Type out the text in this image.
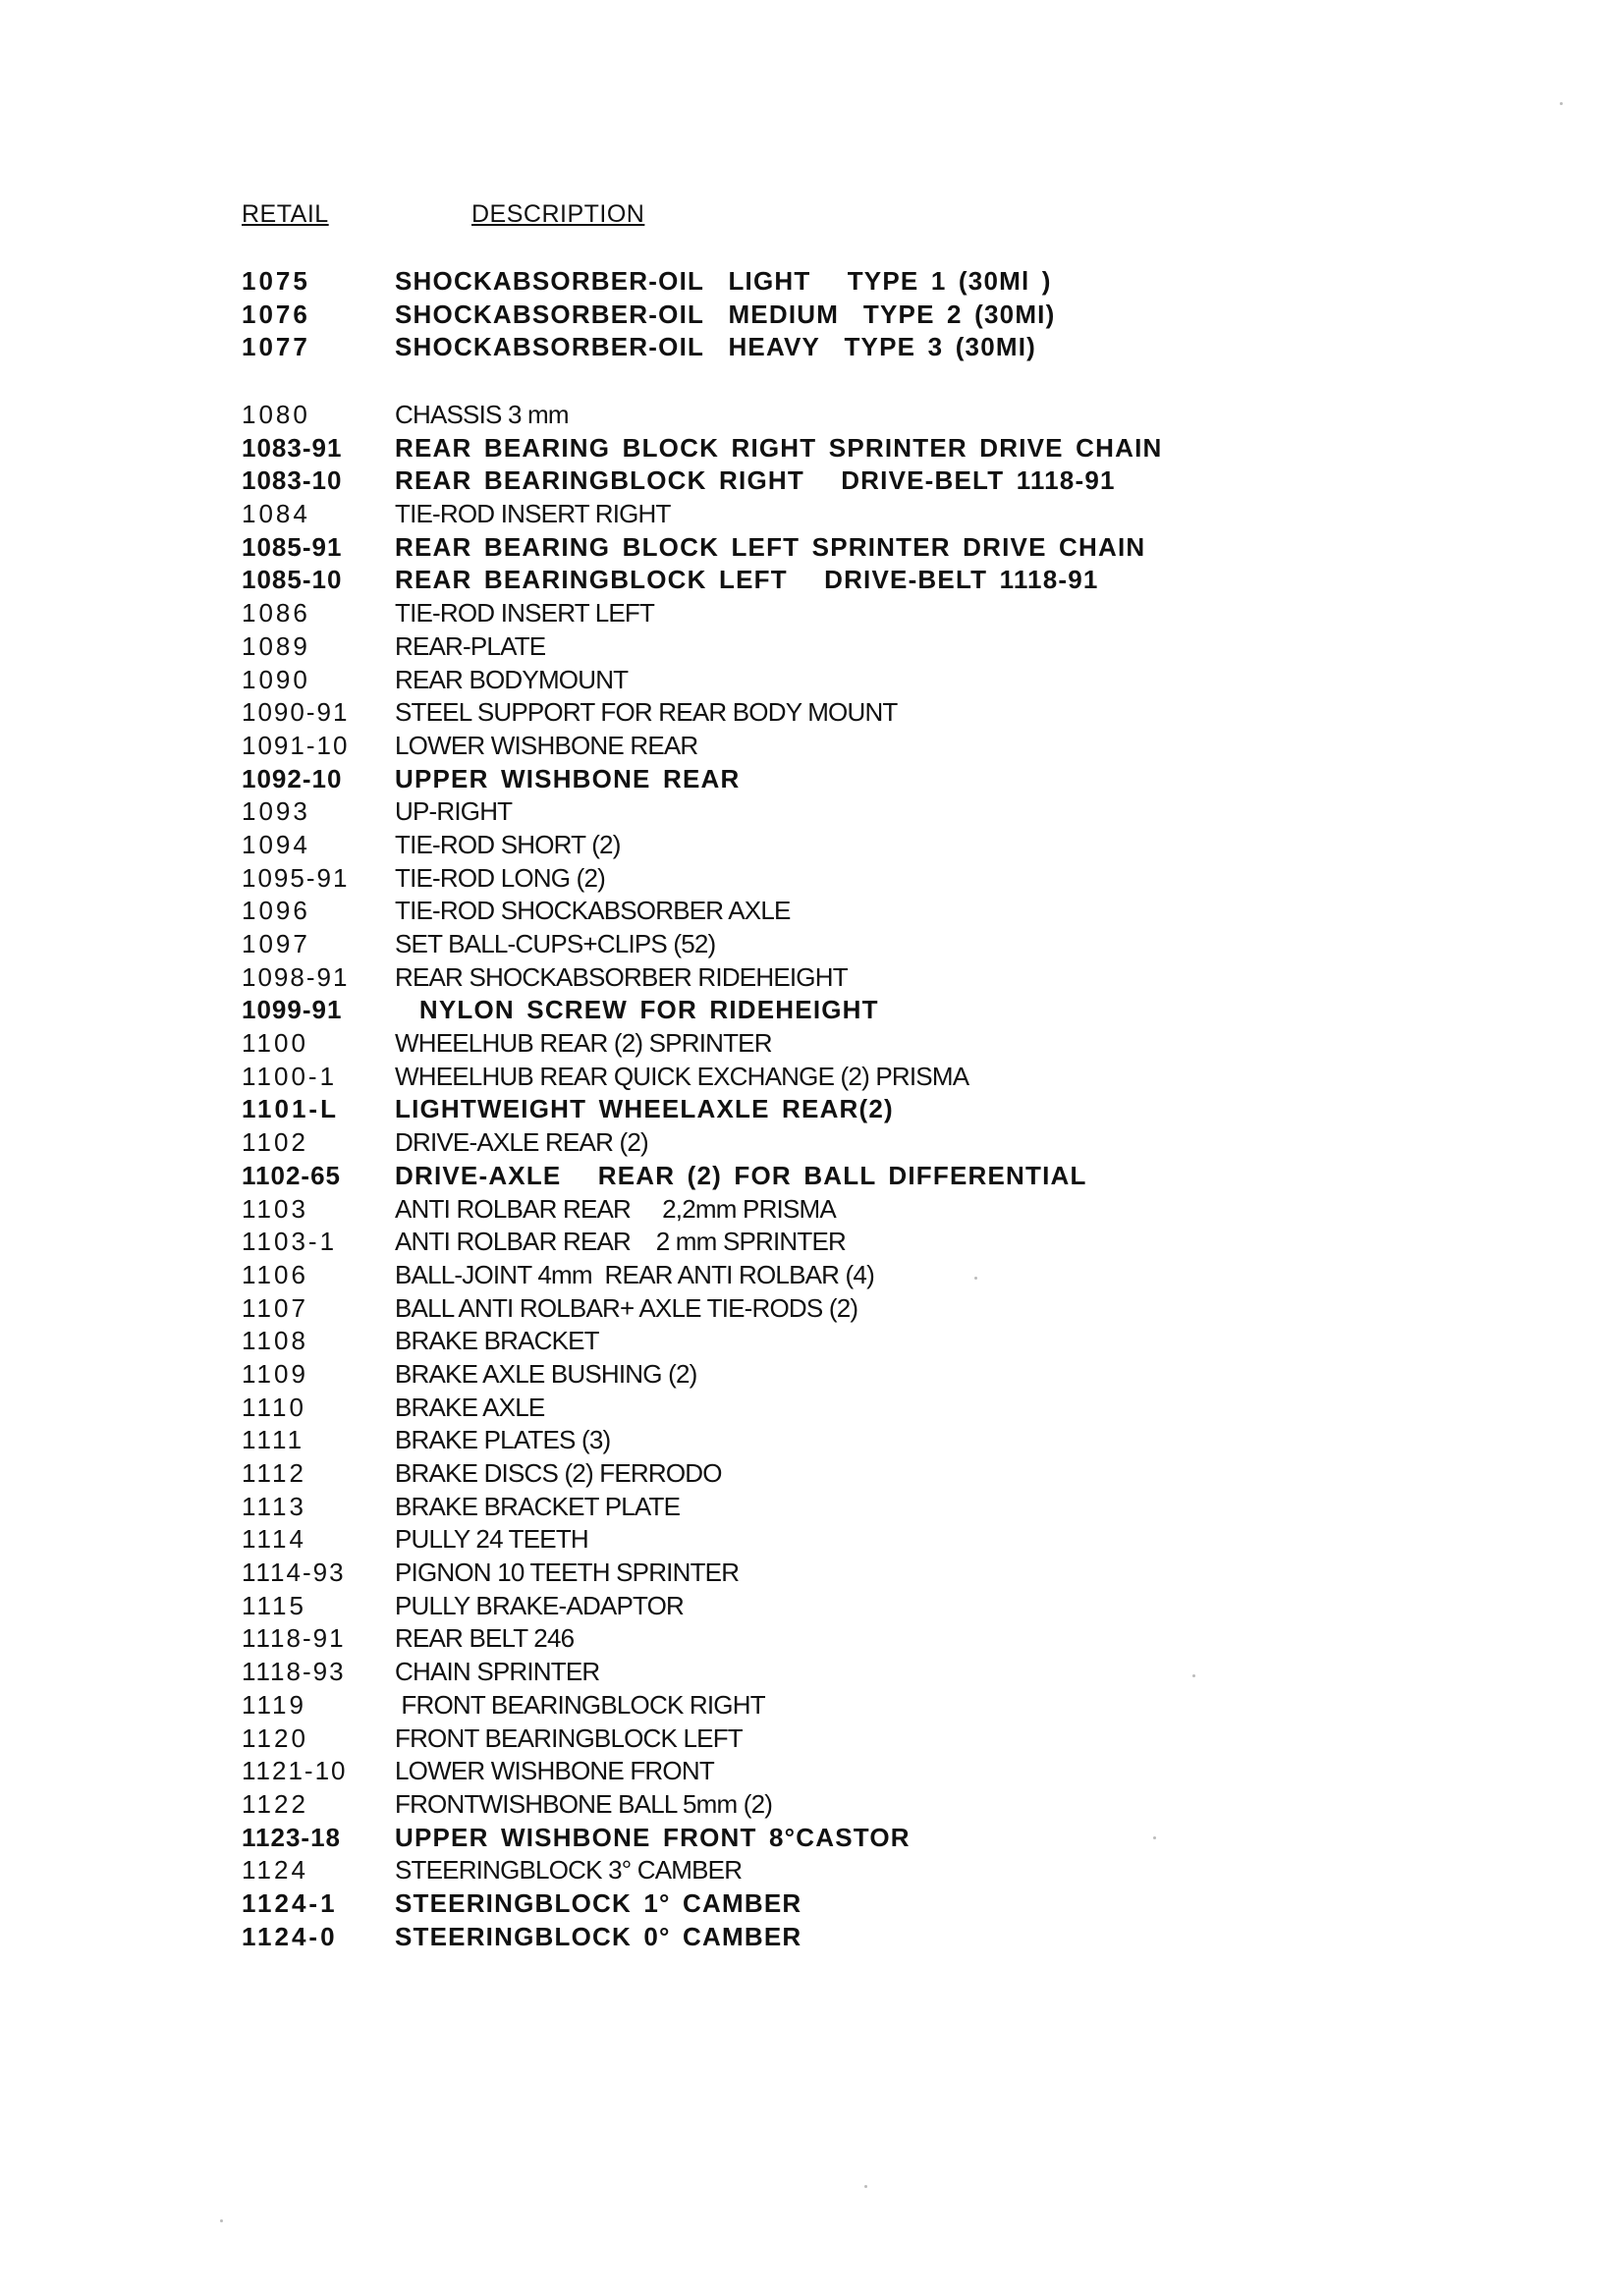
RETAIL	DESCRIPTION
1075	SHOCKABSORBER-OIL  LIGHT   TYPE 1 (30Ml )
1076	SHOCKABSORBER-OIL  MEDIUM  TYPE 2 (30MI)
1077	SHOCKABSORBER-OIL  HEAVY  TYPE 3 (30MI)
1080	CHASSIS 3 mm
1083-91 REAR BEARING BLOCK RIGHT SPRINTER DRIVE CHAIN
1083-10 REAR BEARINGBLOCK RIGHT   DRIVE-BELT 1118-91
1084	TIE-ROD INSERT RIGHT
1085-91 REAR BEARING BLOCK LEFT SPRINTER DRIVE CHAIN
1085-10 REAR BEARINGBLOCK LEFT   DRIVE-BELT 1118-91
1086	TIE-ROD INSERT LEFT
1089	REAR-PLATE
1090	REAR BODYMOUNT
1090-91 STEEL SUPPORT FOR REAR BODY MOUNT
1091-10 LOWER WISHBONE REAR
1092-10 UPPER WISHBONE REAR
1093	UP-RIGHT
1094	TIE-ROD SHORT (2)
1095-91 TIE-ROD LONG (2)
1096	TIE-ROD SHOCKABSORBER AXLE
1097	SET BALL-CUPS+CLIPS (52)
1098-91 REAR SHOCKABSORBER RIDEHEIGHT
1099-91 NYLON SCREW FOR RIDEHEIGHT
1100	WHEELHUB REAR (2) SPRINTER
1100-1 WHEELHUB REAR QUICK EXCHANGE (2) PRISMA
1101-L LIGHTWEIGHT WHEELAXLE REAR(2)
1102	DRIVE-AXLE REAR (2)
1102-65 DRIVE-AXLE   REAR (2) FOR BALL DIFFERENTIAL
1103	ANTI ROLBAR REAR     2,2mm PRISMA
1103-1 ANTI ROLBAR REAR    2 mm SPRINTER
1106	BALL-JOINT 4mm  REAR ANTI ROLBAR (4)
1107	BALL ANTI ROLBAR+ AXLE TIE-RODS (2)
1108	BRAKE BRACKET
1109	BRAKE AXLE BUSHING (2)
1110	BRAKE AXLE
1111	BRAKE PLATES (3)
1112	BRAKE DISCS (2) FERRODO
1113	BRAKE BRACKET PLATE
1114	PULLY 24 TEETH
1114-93 PIGNON 10 TEETH SPRINTER
1115	PULLY BRAKE-ADAPTOR
1118-91 REAR BELT 246
1118-93 CHAIN SPRINTER
1119	FRONT BEARINGBLOCK RIGHT
1120	FRONT BEARINGBLOCK LEFT
1121-10 LOWER WISHBONE FRONT
1122	FRONTWISHBONE BALL 5mm (2)
1123-18 UPPER WISHBONE FRONT 8°CASTOR
1124	STEERINGBLOCK 3° CAMBER
1124-1 STEERINGBLOCK 1° CAMBER
1124-0 STEERINGBLOCK 0° CAMBER
